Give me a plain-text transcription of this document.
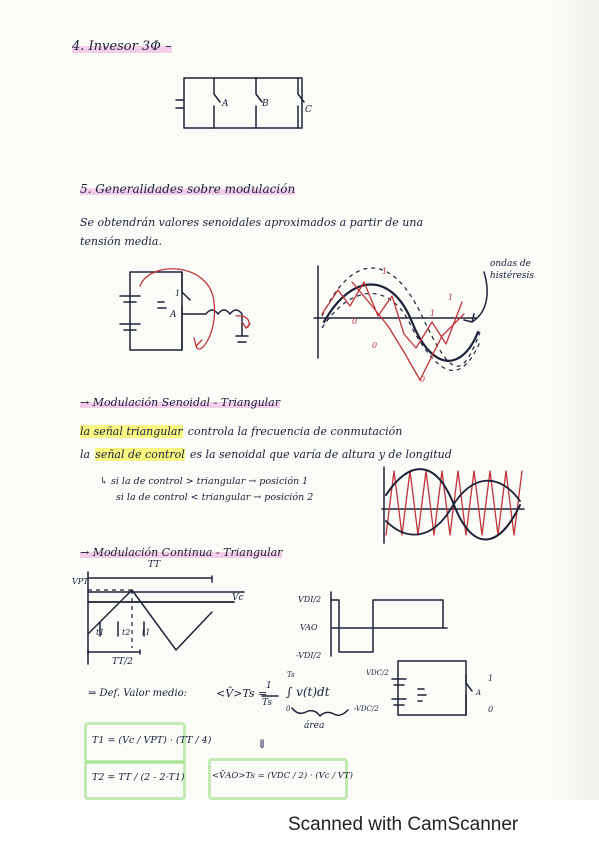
4. Invesor 3Φ –
A	B
C
5. Generalidades sobre modulación
Se obtendrán valores senoidales aproximados a partir de una
tensión media.
A
1
ondas de
histéresis
1
0
1
0
1
0
→ Modulación Senoidal - Triangular
la señal triangular controla la frecuencia de conmutación
la señal de control es la senoidal que varía de altura y de longitud
↳ si la de control > triangular → posición 1
si la de control < triangular → posición 2
→ Modulación Continua - Triangular
TT
VPT
Vc
t1 t2 t1
TT/2
VDI/2
VAO
-VDI/2
VDC/2
-VDC/2
A
1
0
⇒ Def. Valor medio:	<V̄>Ts =
1
Ts
Ts
∫ v(t)dt
0
área
⇓
T1 = (Vc / VPT) · (TT / 4)
T2 = TT / (2 - 2·T1)	<V̄AO>Ts = (VDC / 2) · (Vc / VT)
Scanned with CamScanner
